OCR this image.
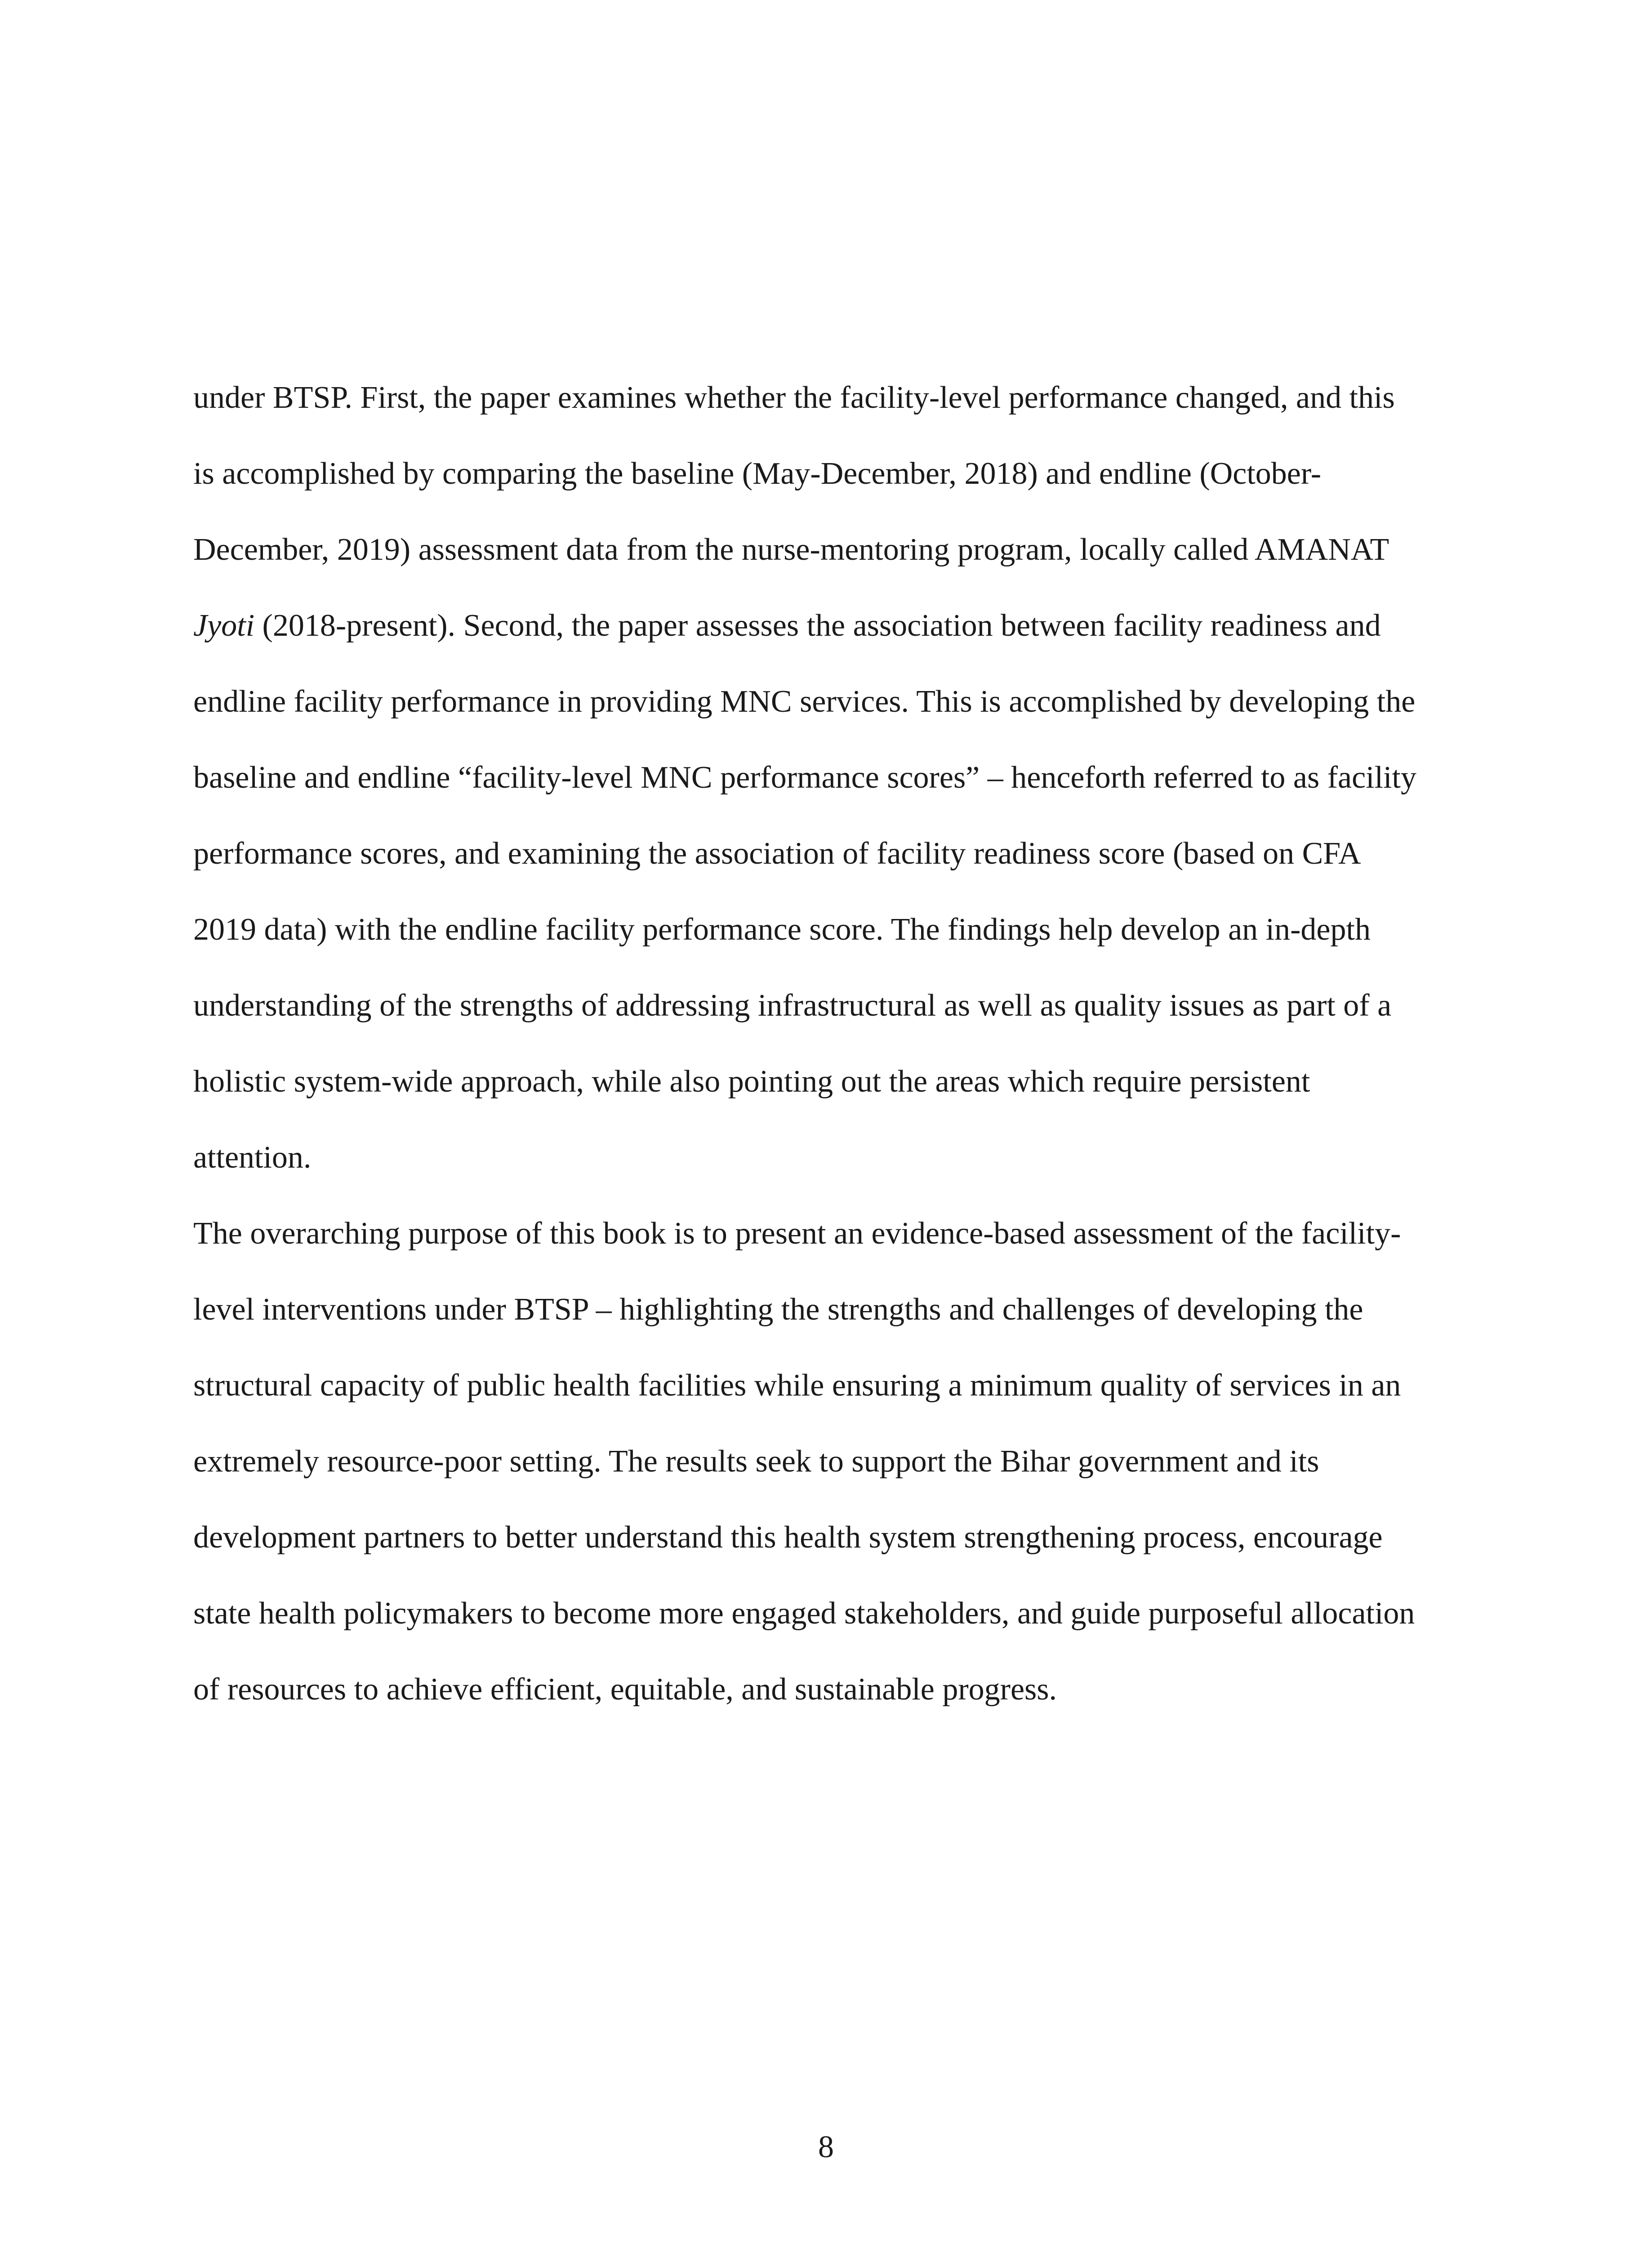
under BTSP. First, the paper examines whether the facility-level performance changed, and this
is accomplished by comparing the baseline (May-December, 2018) and endline (October-
December, 2019) assessment data from the nurse-mentoring program, locally called AMANAT
Jyoti (2018-present). Second, the paper assesses the association between facility readiness and
endline facility performance in providing MNC services. This is accomplished by developing the
baseline and endline “facility-level MNC performance scores” – henceforth referred to as facility
performance scores, and examining the association of facility readiness score (based on CFA
2019 data) with the endline facility performance score. The findings help develop an in-depth
understanding of the strengths of addressing infrastructural as well as quality issues as part of a
holistic system-wide approach, while also pointing out the areas which require persistent
attention.

The overarching purpose of this book is to present an evidence-based assessment of the facility-
level interventions under BTSP – highlighting the strengths and challenges of developing the
structural capacity of public health facilities while ensuring a minimum quality of services in an
extremely resource-poor setting. The results seek to support the Bihar government and its
development partners to better understand this health system strengthening process, encourage
state health policymakers to become more engaged stakeholders, and guide purposeful allocation
of resources to achieve efficient, equitable, and sustainable progress.

8
